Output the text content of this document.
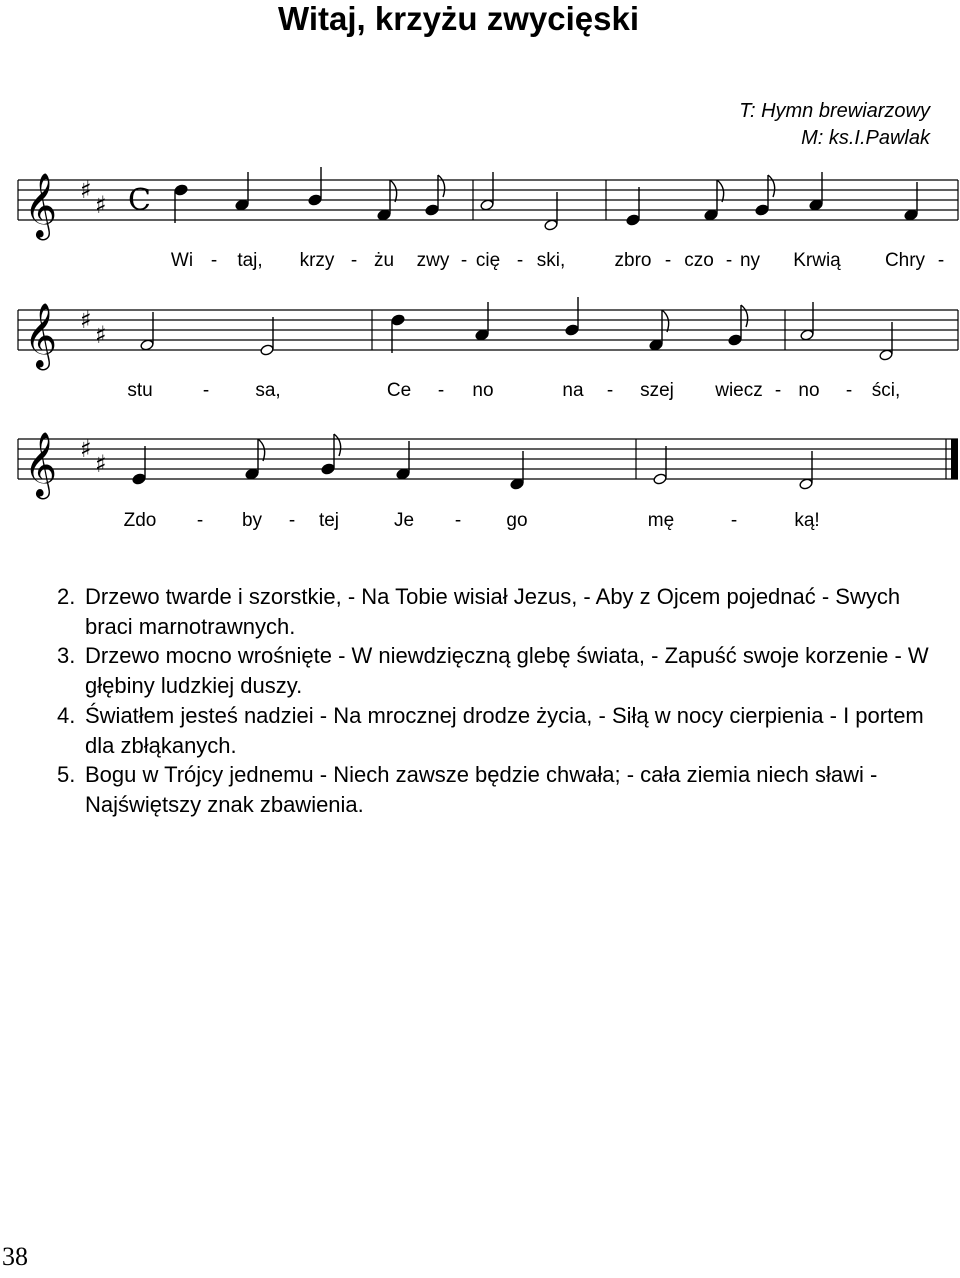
Witaj, krzyżu zwycięski
T: Hymn brewiarzowy
M: ks.I.Pawlak
𝄞 ♯
♯ C
Wi - taj, krzy - żu zwy - cię - ski,	zbro - czo - ny Krwią Chry -
𝄞 ♯
♯
stu	- sa,	Ce - no	na - szej wiecz - no - ści,
𝄞 ♯
♯
Zdo - by - tej	Je - go	mę	-	ką!
2. Drzewo twarde i szorstkie, - Na Tobie wisiał Jezus, - Aby z Ojcem pojednać - Swych braci marnotrawnych.
3. Drzewo mocno wrośnięte - W niewdzięczną glebę świata, - Zapuść swoje korzenie - W głębiny ludzkiej duszy.
4. Światłem jesteś nadziei - Na mrocznej drodze życia, - Siłą w nocy cierpienia - I portem dla zbłąkanych.
5. Bogu w Trójcy jednemu - Niech zawsze będzie chwała; - cała ziemia niech sławi - Najświętszy znak zbawienia.
38
